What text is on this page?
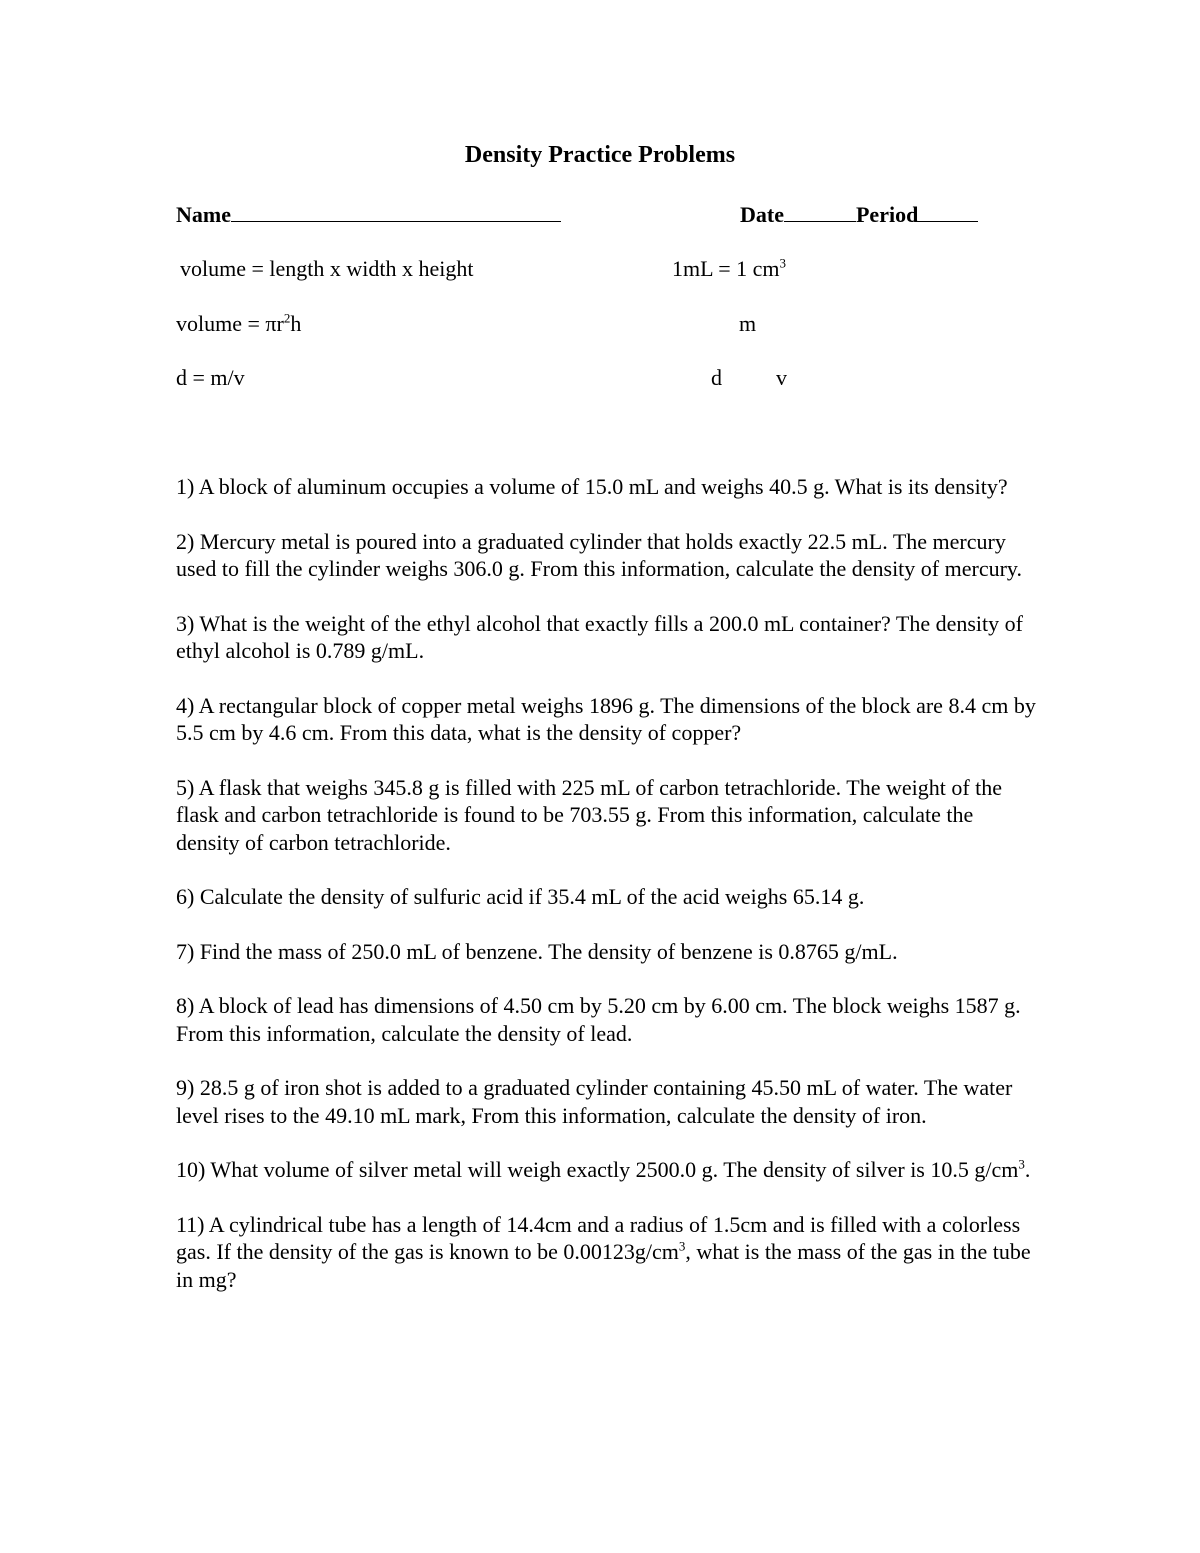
Density Practice Problems
Name	Date	Period
volume = length x width x height	1mL = 1 $cm^3$
volume = $\pi r^2h$	m
d = m/v	d v

1) A block of aluminum occupies a volume of 15.0 mL and weighs 40.5 g. What is its density?

2) Mercury metal is poured into a graduated cylinder that holds exactly 22.5 mL. The mercury used to fill the cylinder weighs 306.0 g. From this information, calculate the density of mercury.

3) What is the weight of the ethyl alcohol that exactly fills a 200.0 mL container? The density of ethyl alcohol is 0.789 g/mL.

4) A rectangular block of copper metal weighs 1896 g. The dimensions of the block are 8.4 cm by 5.5 cm by 4.6 cm. From this data, what is the density of copper?

5) A flask that weighs 345.8 g is filled with 225 mL of carbon tetrachloride. The weight of the flask and carbon tetrachloride is found to be 703.55 g. From this information, calculate the density of carbon tetrachloride.

6) Calculate the density of sulfuric acid if 35.4 mL of the acid weighs 65.14 g.

7) Find the mass of 250.0 mL of benzene. The density of benzene is 0.8765 g/mL.

8) A block of lead has dimensions of 4.50 cm by 5.20 cm by 6.00 cm. The block weighs 1587 g. From this information, calculate the density of lead.

9) 28.5 g of iron shot is added to a graduated cylinder containing 45.50 mL of water. The water level rises to the 49.10 mL mark, From this information, calculate the density of iron.

10) What volume of silver metal will weigh exactly 2500.0 g. The density of silver is 10.5 $g/cm^3$.

11) A cylindrical tube has a length of 14.4cm and a radius of 1.5cm and is filled with a colorless gas. If the density of the gas is known to be $0.00123g/cm^3$, what is the mass of the gas in the tube in mg?
